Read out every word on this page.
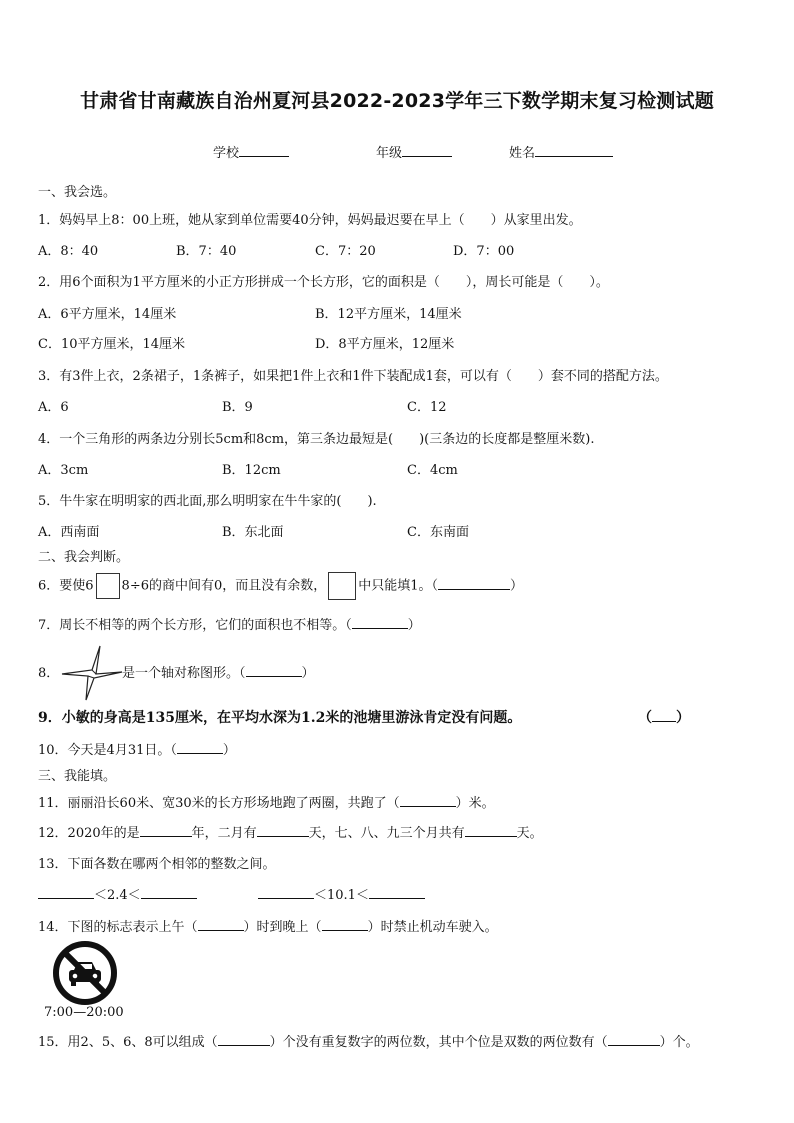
甘肃省甘南藏族自治州夏河县2022-2023学年三下数学期末复习检测试题
学校	年级	姓名
一、我会选。
1．妈妈早上8：00上班，她从家到单位需要40分钟，妈妈最迟要在早上（　　）从家里出发。
A．8：40	B．7：40	C．7：20	D．7：00
2．用6个面积为1平方厘米的小正方形拼成一个长方形，它的面积是（　　），周长可能是（　　）。
A．6平方厘米，14厘米	B．12平方厘米，14厘米
C．10平方厘米，14厘米	D．8平方厘米，12厘米
3．有3件上衣，2条裙子，1条裤子，如果把1件上衣和1件下装配成1套，可以有（　　）套不同的搭配方法。
A．6	B．9	C．12
4．一个三角形的两条边分别长5cm和8cm，第三条边最短是(　　)(三条边的长度都是整厘米数).
A．3cm	B．12cm	C．4cm
5．牛牛家在明明家的西北面,那么明明家在牛牛家的(　　).
A．西南面	B．东北面	C．东南面
二、我会判断。
6．要使6 8÷6的商中间有0，而且没有余数， 中只能填1。（	）
7．周长不相等的两个长方形，它们的面积也不相等。（	）
8．	是一个轴对称图形。（	）
9．小敏的身高是135厘米，在平均水深为1.2米的池塘里游泳肯定没有问题。	（ ）
10．今天是4月31日。（	）
三、我能填。
11．丽丽沿长60米、宽30米的长方形场地跑了两圈，共跑了（	）米。
12．2020年的是	年，二月有	天，七、八、九三个月共有	天。
13．下面各数在哪两个相邻的整数之间。
＜2.4＜	＜10.1＜
14．下图的标志表示上午（	）时到晚上（	）时禁止机动车驶入。
7:00—20:00
15．用2、5、6、8可以组成（	）个没有重复数字的两位数，其中个位是双数的两位数有（	）个。
